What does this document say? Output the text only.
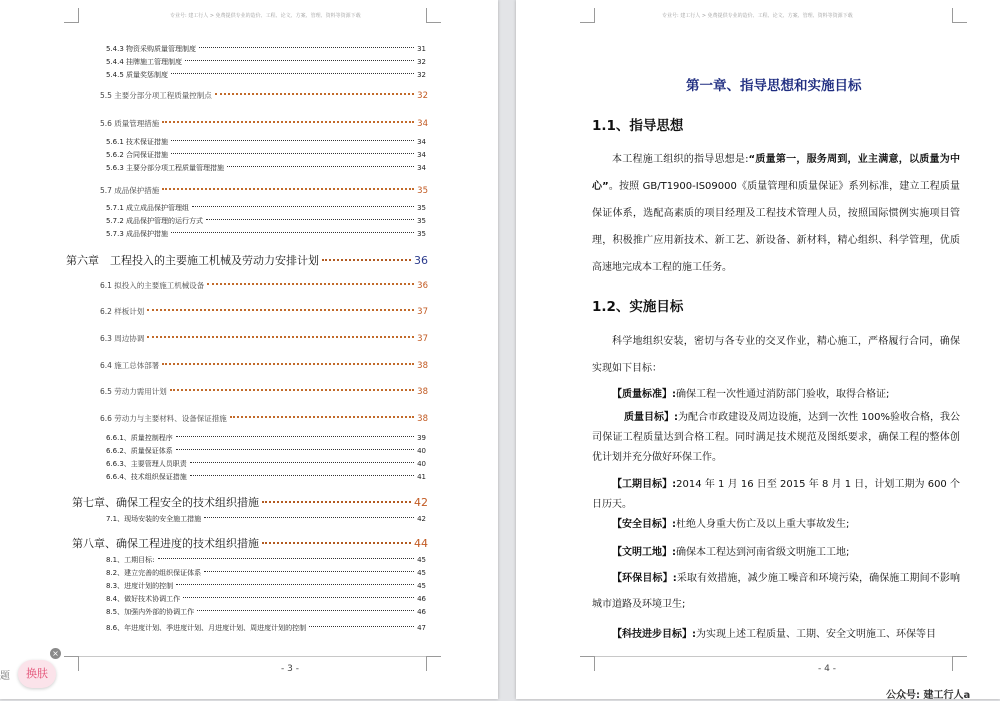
专业号: 建工行人 > 免费提供专业的造价、工程、论文、方案、管理、资料等资源下载
5.4.3 物资采购质量管理制度	31
5.4.4 挂牌施工管理制度	32
5.4.5 质量奖惩制度	32
5.5 主要分部分项工程质量控制点	32
5.6 质量管理措施	34
5.6.1 技术保证措施	34
5.6.2 合同保证措施	34
5.6.3 主要分部分项工程质量管理措施	34
5.7 成品保护措施	35
5.7.1 成立成品保护管理组	35
5.7.2 成品保护管理的运行方式	35
5.7.3 成品保护措施	35
第六章　工程投入的主要施工机械及劳动力安排计划	36
6.1 拟投入的主要施工机械设备	36
6.2 样板计划	37
6.3 周边协调	37
6.4 施工总体部署	38
6.5 劳动力需用计划	38
6.6 劳动力与主要材料、设备保证措施	38
6.6.1、质量控制程序	39
6.6.2、质量保证体系	40
6.6.3、主要管理人员职责	40
6.6.4、技术组织保证措施	41
第七章、确保工程安全的技术组织措施	42
7.1、现场安装的安全施工措施	42
第八章、确保工程进度的技术组织措施	44
8.1、工期目标:	45
8.2、建立完善的组织保证体系	45
8.3、进度计划的控制	45
8.4、做好技术协调工作	46
8.5、加强内外部的协调工作	46
8.6、年进度计划、季进度计划、月进度计划、周进度计划的控制	47
- 3 -
题	换肤
×
专业号: 建工行人 > 免费提供专业的造价、工程、论文、方案、管理、资料等资源下载
第一章、指导思想和实施目标
1.1、指导思想
本工程施工组织的指导思想是:“质量第一，服务周到，业主满意，以质量为中心”。按照 GB/T1900-IS09000《质量管理和质量保证》系列标准，建立工程质量保证体系，选配高素质的项目经理及工程技术管理人员，按照国际惯例实施项目管理，积极推广应用新技术、新工艺、新设备、新材料，精心组织、科学管理，优质高速地完成本工程的施工任务。
1.2、实施目标
科学地组织安装，密切与各专业的交叉作业，精心施工，严格履行合同，确保实现如下目标：
【质量标准】:确保工程一次性通过消防部门验收，取得合格证;
质量目标】:为配合市政建设及周边设施，达到一次性 100%验收合格，我公司保证工程质量达到合格工程。同时满足技术规范及图纸要求，确保工程的整体创优计划并充分做好环保工作。
【工期目标】:2014 年 1 月 16 日至 2015 年 8 月 1 日，计划工期为 600 个日历天。
【安全目标】:杜绝人身重大伤亡及以上重大事故发生;
【文明工地】:确保本工程达到河南省级文明施工工地;
【环保目标】:采取有效措施，减少施工噪音和环境污染，确保施工期间不影响城市道路及环境卫生;
【科技进步目标】:为实现上述工程质量、工期、安全文明施工、环保等目
- 4 -
公众号: 建工行人a
